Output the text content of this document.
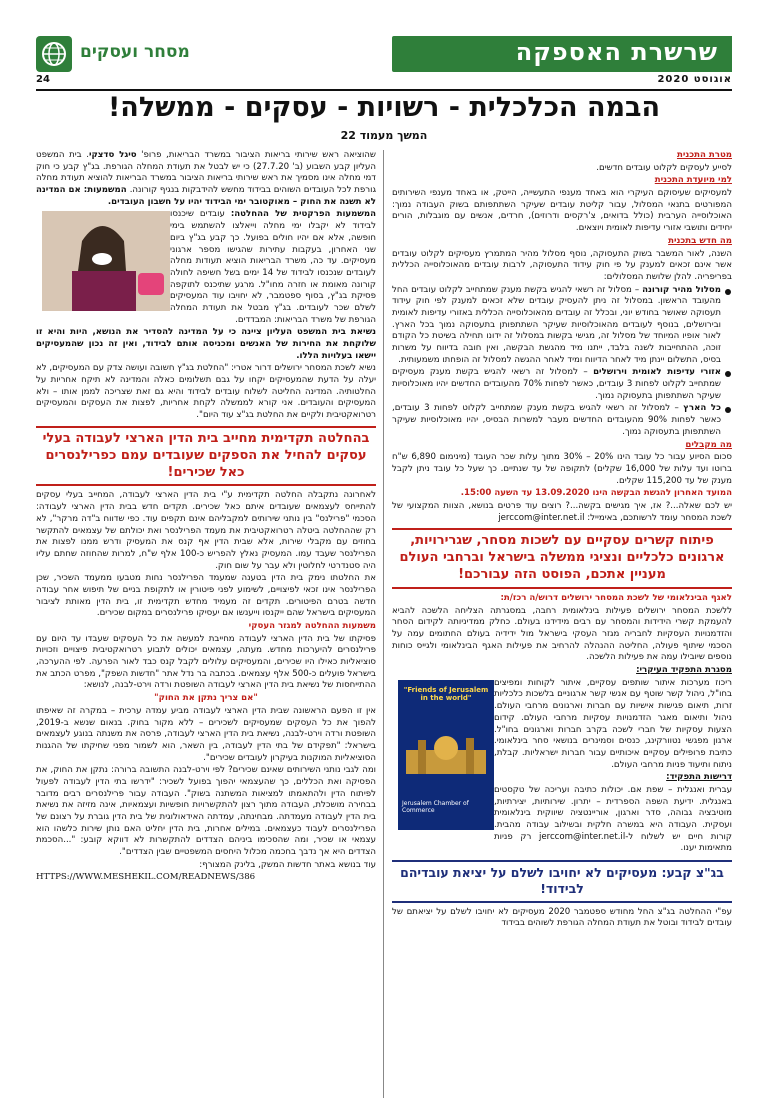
שרשרת האספקה
מסחר ועסקים
אוגוסט 2020
24
הבמה הכלכלית - רשויות - עסקים - ממשלה!
המשך מעמוד 22
מטרת התכנית
לסייע לעסקים לקלוט עובדים חדשים.
למי מיועדת התכנית
למעסיקים שעיסוקם העיקרי הוא באחד מענפי התעשייה, הייטק, או באחד מענפי השירותים המפורטים בתנאי המסלול, עבור קליטת עובדים שעיקר השתתפותם בשוק העבודה נמוך: האוכלוסייה הערבית (כולל בדואים, צ'רקסים ודרוזים), חרדים, אנשים עם מוגבלות, הורים יחידים ותושבי אזורי עדיפות לאומית ויוצאים.
מה חדש בתכנית
השנה, לאור המשבר בשוק התעסוקה, נוסף מסלול מהיר המתמרץ מעסיקים לקלוט עובדים אשר אינם זכאים למענק על פי חוק עידוד התעסוקה, לרבות עובדים מהאוכלוסייה הכללית בפריפריה. להלן שלושת המסלולים:
מסלול מהיר קורונה – מסלול זה רשאי להגיש בקשת מענק שמתחייב לקלוט עובדים החל מהעובד הראשון. במסלול זה ניתן להעסיק עובדים שלא זכאים למענק לפי חוק עידוד תעסוקה שאושר בחודש יוני, ובכלל זה עובדים מהאוכלוסייה הכללית באזורי עדיפות לאומית ובירושלים, בנוסף לעובדים מהאוכלוסיות שעיקר השתתפותן בתעסוקה נמוך בכל הארץ. לאור אופיו המיוחד של מסלול זה, מגישי בקשות במסלול זה ידונו תחילה בשיטת כל הקודם זוכה, ההתחייבות לשנה בלבד, ייתנו מיד מהגשת הבקשה, ואין חובה בדיווח על משרות בסיס, התשלום יינתן מיד לאחר הדיווח ומיד לאחר ההגשה למסלול זה הופחתו משמעותית.
אזורי עדיפות לאומית וירושלים – למסלול זה רשאי להגיש בקשת מענק מעסיקים שמתחייב לקלוט לפחות 3 עובדים, כאשר לפחות 70% מהעובדים החדשים יהיו מאוכלוסיות שעיקר השתתפותן בתעסוקה נמוך.
כל הארץ – למסלול זה רשאי להגיש בקשת מענק שמתחייב לקלוט לפחות 3 עובדים, כאשר לפחות 90% מהעובדים החדשים מעבר למשרות הבסיס, יהיו מאוכלוסיות שעיקר השתתפותן בתעסוקה נמוך.
מה מקבלים
סכום הסיוע עבור כל עובד הינו 20% – 30% מתוך עלות שכר העובד (מינימום 6,890 ש"ח ברוטו ועד עלות של 16,000 שקלים) לתקופה של עד שנתיים. כך שעל כל עובד ניתן לקבל מענק של עד 115,200 שקלים.
המועד האחרון להגשת הבקשה הינו 13.09.2020 עד השעה 15:00.
יש לכם שאלה...? אז, איך מגישים בקשה...? רוצים עוד פרטים בנושא, הצוות המקצועי של לשכת המסחר עומד לרשותכם, באימייל: jerccom@inter.net.il
פיתוח קשרים עסקיים עם לשכות מסחר, שגרירויות, ארגונים כלכליים ונציגי ממשלה בישראל וברחבי העולם מעניין אתכם, הפוסט הזה עבורכם!
לאגף הבינלאומי של לשכת המסחר ירושלים דרוש/ה רכז/ת:
ללשכת המסחר ירושלים פעילות בינלאומית רחבה, במסגרתה הצליחה הלשכה להביא להעמקת קשרי הידידות והמסחר עם רבים מידידנו בעולם. כחלק ממדיניותה לקידום הסחר והזדמנויות העסקיות לחבריה מגזר העסקי בישראל מול ידידיה בעולם החתומים עמה על הסכמי שיתוף פעולה, החליטה ההנהלה להרחיב את פעילות האגף הבינלאומי ולגייס כוחות נוספים שיובילו עמה את פעילות הלשכה.
מסגרת התפקיד העיקרי:
"Friends of Jerusalem in the world"
Jerusalem Chamber of Commerce
ריכוז מערכות איתור שותפים עסקיים, איתור לקוחות ומפיצים בחו"ל, ניהול קשר שוטף עם אנשי קשר ארגוניים בלשכות כלכליות זרות, תיאום פגישות אישיות עם חברות וארגונים מרחבי העולם. ניהול ותיאום מאגר הזדמנויות עסקיות מרחבי העולם. קידום הצעות עסקיות של חברי לשכה בקרב חברות וארגונים בחו"ל. ארגון מפגשי נטוורקינג, כנסים וסמינרים בנושאי סחר בינלאומי. כתיבת פרופילים עסקיים איכותיים עבור חברות ישראליות. קבלת, ניתוח ותיעוד פניות מרחבי העולם.
דרישות התפקיד:
עברית ואנגלית – שפת אם. יכולות כתיבה ועריכה של טקסטים באנגלית. ידיעת השפה הספרדית – יתרון. שירותיות, יצירתיות, מוטיבציה גבוהה, סדר וארגון, אוריינטציה שיווקית בינלאומית ועסקית. העבודה היא במשרה חלקית ובשילוב עבודה מהבית. קורות חיים יש לשלוח ל-jerccom@inter.net.il רק פניות מתאימות יענו.
בג"צ קבע: מעסיקים לא יחויבו לשלם על יציאת עובדיהם לבידוד!
עפ"י ההחלטה בג"צ החל מחודש ספטמבר 2020 מעסיקים לא יחויבו לשלם על יציאתם של עובדים לבידוד ובוטל את תעודת המחלה הגורפת לשוהים בבידוד
שהוציאה ראש שירותי בריאות הציבור במשרד הבריאות, פרופ' סיגל סדצקי. בית המשפט העליון קבע השבוע (ב' 27.7.20) כי יש לבטל את תעודת המחלה הגורפת. בג"ץ קבע כי חוק דמי מחלה אינו מסמיך את ראש שירותי בריאות הציבור במשרד הבריאות להוציא תעודת מחלה גורפת לכל העובדים השוהים בבידוד מחשש להידבקות בנגיף קורונה. המשמעות: אם המדינה לא תשנה את החוק – מאוקטובר ימי הבידוד יהיו על חשבון העובדים.
המשמעות הפרקטית של ההחלטה: עובדים שיכנסו לבידוד לא יקבלו ימי מחלה וייאלצו להשתמש בימי חופשה, אלא אם יהיו חולים בפועל. כך קבע בג"ץ ביום שני האחרון, בעקבות עתירות שהגישו מספר ארגוני מעסיקים. עד כה, משרד הבריאות הוציא תעודות מחלה לעובדים שנכנסו לבידוד של 14 ימים בשל חשיפה לחולה קורונה מאומת או חזרה מחו"ל. מרגע שתיכנס לתוקפה פסיקת בג"ץ, בסוף ספטמבר, לא יחויבו עוד המעסיקים לשלם שכר לעובדים. בג"ץ מבטל את תעודת המחלה הגורפת של משרד הבריאות: המבדדים.
נשיאת בית המשפט העליון ציינה כי על המדינה להסדיר את הנושא, היות והיא זו שלוקחת את החירות של האנשים ומכניסה אותם לבידוד, ואין זה נכון שהמעסיקים יישאו בעלויות הללו.
נשיא לשכת המסחר ירושלים דרור אטרי: "החלטת בג"ץ חשובה ועושה צדק עם המעסיקים, לא יעלה על הדעת שהמעסיקים יקחו על גבם תשלומים כאלה והמדינה לא תיקח אחריות על החלטותיה. המדינה החליטה לשלוח עובדים לבידוד והיא גם זאת שצריכה לממן אותו – ולא המעסיקים והעובדים. אני קורא לממשלה לקחת אחריות, לפצות את העסקים והמעסיקים רטרואקטיבית ולקיים את החלטת בג"צ עוד היום".
בהחלטה תקדימית מחייב בית הדין הארצי לעבודה בעלי עסקים להחיל את הספקים שעובדים עמם כפרילנסרים כאל שכירים!
לאחרונה נתקבלה החלטה תקדימית ע"י בית הדין הארצי לעבודה, המחייב בעלי עסקים להתייחס לעצמאים שעובדים איתם כאל שכירים. תקדים חדש בבית הדין הארצי לעבודה: הסכמי "פרילנס" בין נותני שירותים למקבליהם אינם תקפים עוד. כפי שדווח ב"דה מרקר", לא רק שההחלטה ביטלה רטרואקטיבית את מעמד הפרילנסר ואת יכולתם של עצמאים להתקשר בחוזים עם מקבלי שירות, אלא שבית הדין אף קנס את המעסיק ודרש ממנו לפצות את הפרילנסר שעבד עמו. המעסיק נאלץ להפריש כ-100 אלף ש"ח, למרות שהחוזה שחתם עליו היה סטנדרטי לחלוטין ולא עבר על שום חוק.
את החלטתו נימק בית הדין בטענה שמעמד הפרילנסר נחות מטבעו ממעמד השכיר, שכן הפרילנסר אינו זכאי לפיצויים, לשימוע לפני פיטורין או לתקופת בניים של תיפוש אחר עבודה חדשה בטרם הפיטורים. תקדים זה מעמיד מחדש תקדימית זו, בית הדין מאותת לציבור המעסיקים בישראל שהם ייקנסו וייענשו אם יעסיקו פרילנסרים במקום שכירים.
משמעות ההחלטה למגזר העסקי
פסיקתו של בית הדין הארצי לעבודה מחייבת למעשה את כל העסקים שעבדו עד היום עם פרילנסרים להיערכות מחדש. מעתה, עצמאים יכולים לתבוע רטרואקטיבית פיצויים וזכויות סוציאליות כאילו היו שכירים, והמעסיקים עלולים לקבל קנס כבד לאור הפרעה. לפי ההערכה, בישראל פועלים כ-500 אלף עצמאים. בכתבה בר נדל אתר "חדשות השפק", מפרט הכתב את ההתייחסות של נשיאת בית הדין הארצי לעבודה השופטת ורדה וירט-לבנה, לנושא:
"אם צריך נתקן את החוק"
אין זו הפעם הראשונה שבית הדין הארצי לעבודה מביע עמדה ערכית – במקרה זה שאיפתו להפוך את כל העסקים שמעסיקים לשכירים – ללא מקור בחוק. בנאום שנשא ב-2019, השופטת ורדה וירט-לבנה, נשיאת בית הדין הארצי לעבודה, פרסה את משנתה בנוגע לעצמאים בישראל: "תפקידם של בתי הדין לעבודה, בין השאר, הוא לשמור מפני שחיקתו של ההגנות הסוציאליות המוקנות בעיקרון לעובדים שכירים".
ומה לגבי נותני השירותים שאינם שכירים? לפי וירט-לבנה התשובה ברורה: נתקן את החוק, את הפסיקה ואת הכללים, כך שהעצמאי יהפוך בפועל לשכיר: "ידרשו בתי הדין לעבודה לפעול לפיתוח הדין ולהתאמתו למציאות המשתנה בשוק". העבודה עבור פרילנסרים רבים מדובר בבחירה מושכלת, העבודה מתוך רצון להתקשרויות חופשיות ועצמאיות, אינה מזיזה את נשיאת בית הדין לעבודה מעמדתה. מבחינתה, עמדתה האידאולוגית של בית הדין גוברת על רצונם של הפרילנסרים לעבוד כעצמאים. במילים אחרות, בית הדין יחליט האם נותן שירות כלשהו הוא עצמאי או שכיר, ומה שהסכימו ביניהם הצדדים להתקשרות לא דווקא קובע: "...הסכמת הצדדים היא אך נדבך בחכמה מכלול היחסים המשפטיים שבין הצדדים".
עוד בנושא באתר חדשות המשק, בלינק המצורף:
HTTPS://WWW.MESHEKIL.COM/READNEWS/386
